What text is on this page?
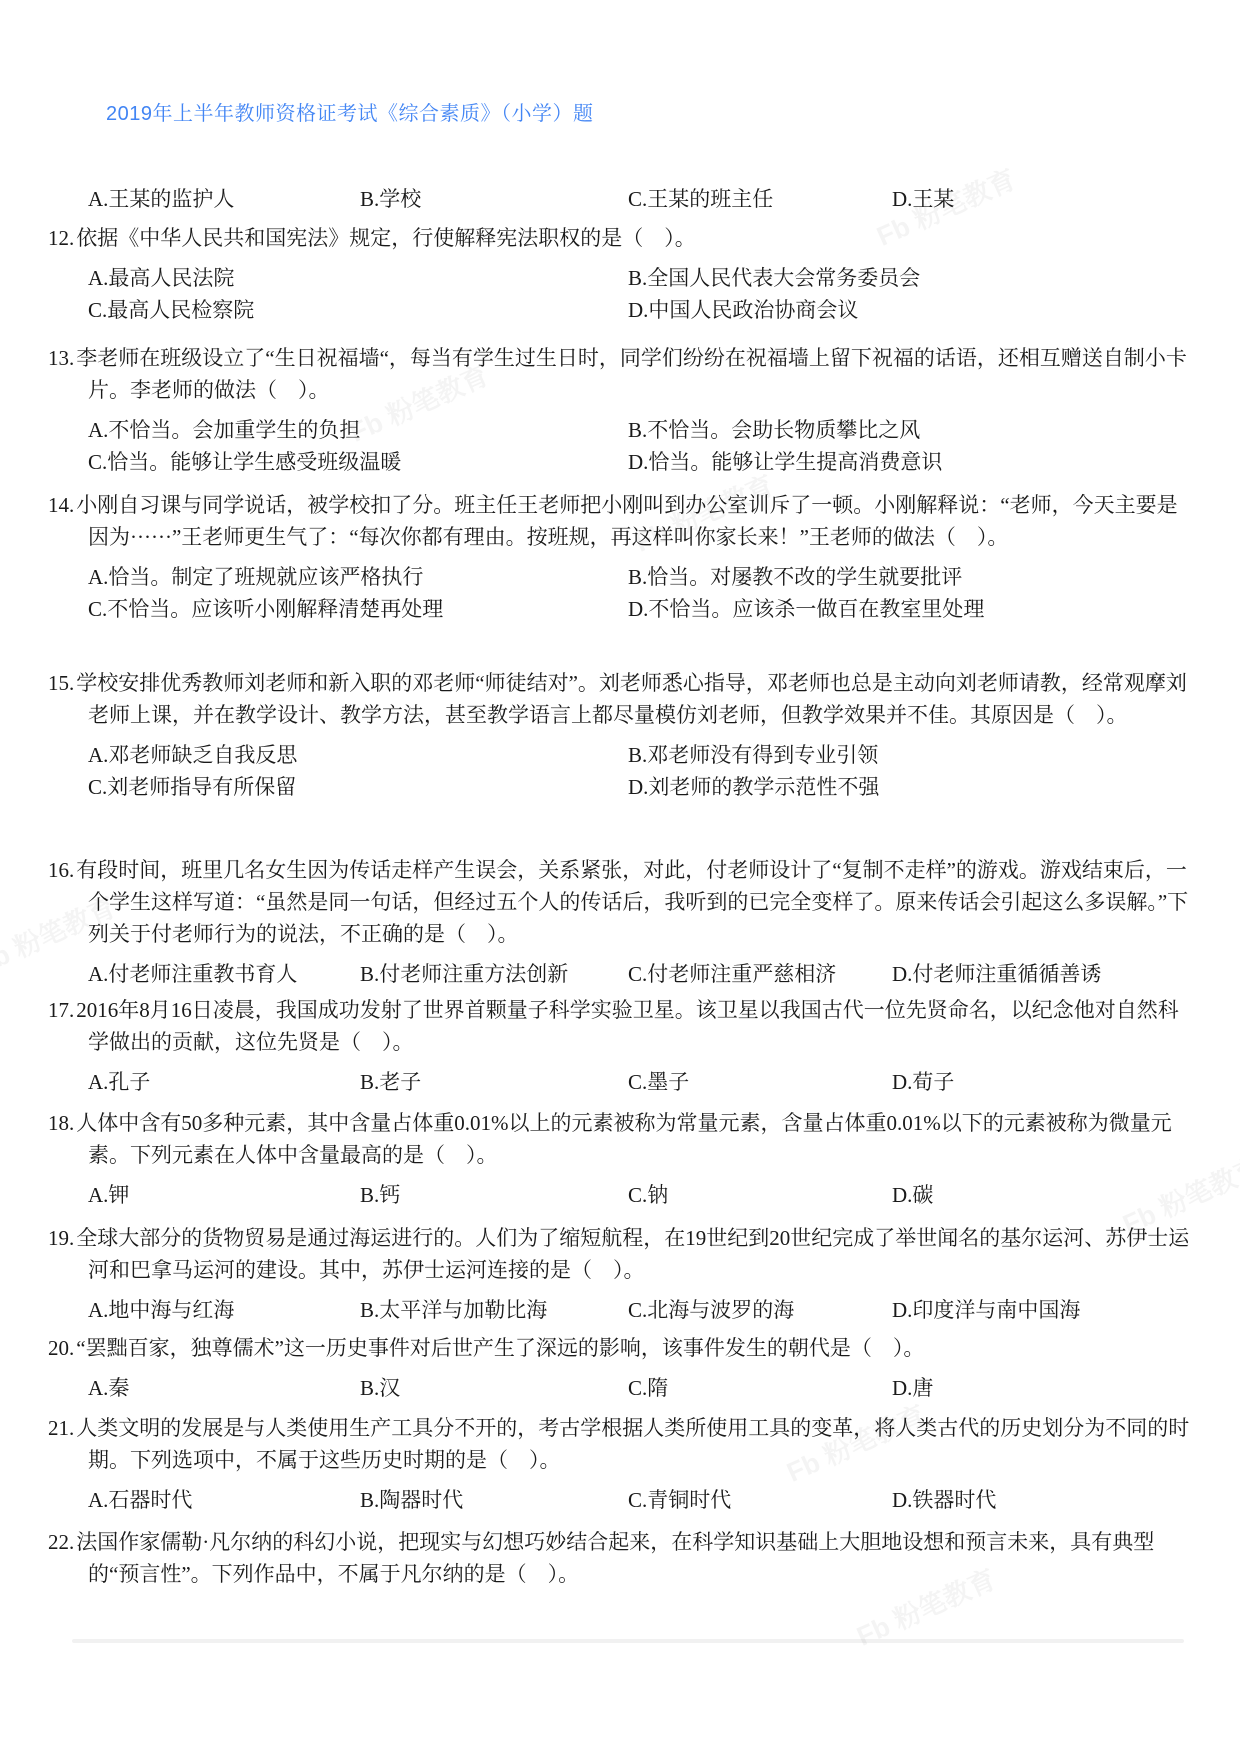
2019年上半年教师资格证考试《综合素质》（小学）题
A.王某的监护人	B.学校	C.王某的班主任	D.王某
12.依据《中华人民共和国宪法》规定，行使解释宪法职权的是（　）。
A.最高人民法院	B.全国人民代表大会常务委员会
C.最高人民检察院	D.中国人民政治协商会议
13.李老师在班级设立了“生日祝福墙“，每当有学生过生日时，同学们纷纷在祝福墙上留下祝福的话语，还相互赠送自制小卡片。李老师的做法（　）。
A.不恰当。会加重学生的负担	B.不恰当。会助长物质攀比之风
C.恰当。能够让学生感受班级温暖	D.恰当。能够让学生提高消费意识
14.小刚自习课与同学说话，被学校扣了分。班主任王老师把小刚叫到办公室训斥了一顿。小刚解释说：“老师，今天主要是因为······”王老师更生气了：“每次你都有理由。按班规，再这样叫你家长来！”王老师的做法（　）。
A.恰当。制定了班规就应该严格执行	B.恰当。对屡教不改的学生就要批评
C.不恰当。应该听小刚解释清楚再处理	D.不恰当。应该杀一做百在教室里处理
15.学校安排优秀教师刘老师和新入职的邓老师“师徒结对”。刘老师悉心指导，邓老师也总是主动向刘老师请教，经常观摩刘老师上课，并在教学设计、教学方法，甚至教学语言上都尽量模仿刘老师，但教学效果并不佳。其原因是（　）。
A.邓老师缺乏自我反思	B.邓老师没有得到专业引领
C.刘老师指导有所保留	D.刘老师的教学示范性不强
16.有段时间，班里几名女生因为传话走样产生误会，关系紧张，对此，付老师设计了“复制不走样”的游戏。游戏结束后，一个学生这样写道：“虽然是同一句话，但经过五个人的传话后，我听到的已完全变样了。原来传话会引起这么多误解。”下列关于付老师行为的说法，不正确的是（　）。
A.付老师注重教书育人	B.付老师注重方法创新	C.付老师注重严慈相济	D.付老师注重循循善诱
17.2016年8月16日凌晨，我国成功发射了世界首颗量子科学实验卫星。该卫星以我国古代一位先贤命名，以纪念他对自然科学做出的贡献，这位先贤是（　）。
A.孔子	B.老子	C.墨子	D.荀子
18.人体中含有50多种元素，其中含量占体重0.01%以上的元素被称为常量元素，含量占体重0.01%以下的元素被称为微量元素。下列元素在人体中含量最高的是（　）。
A.钾	B.钙	C.钠	D.碳
19.全球大部分的货物贸易是通过海运进行的。人们为了缩短航程，在19世纪到20世纪完成了举世闻名的基尔运河、苏伊士运河和巴拿马运河的建设。其中，苏伊士运河连接的是（　）。
A.地中海与红海	B.太平洋与加勒比海	C.北海与波罗的海	D.印度洋与南中国海
20.“罢黜百家，独尊儒术”这一历史事件对后世产生了深远的影响，该事件发生的朝代是（　）。
A.秦	B.汉	C.隋	D.唐
21.人类文明的发展是与人类使用生产工具分不开的，考古学根据人类所使用工具的变革，将人类古代的历史划分为不同的时期。下列选项中，不属于这些历史时期的是（　）。
A.石器时代	B.陶器时代	C.青铜时代	D.铁器时代
22.法国作家儒勒·凡尔纳的科幻小说，把现实与幻想巧妙结合起来，在科学知识基础上大胆地设想和预言未来，具有典型的“预言性”。下列作品中，不属于凡尔纳的是（　）。
